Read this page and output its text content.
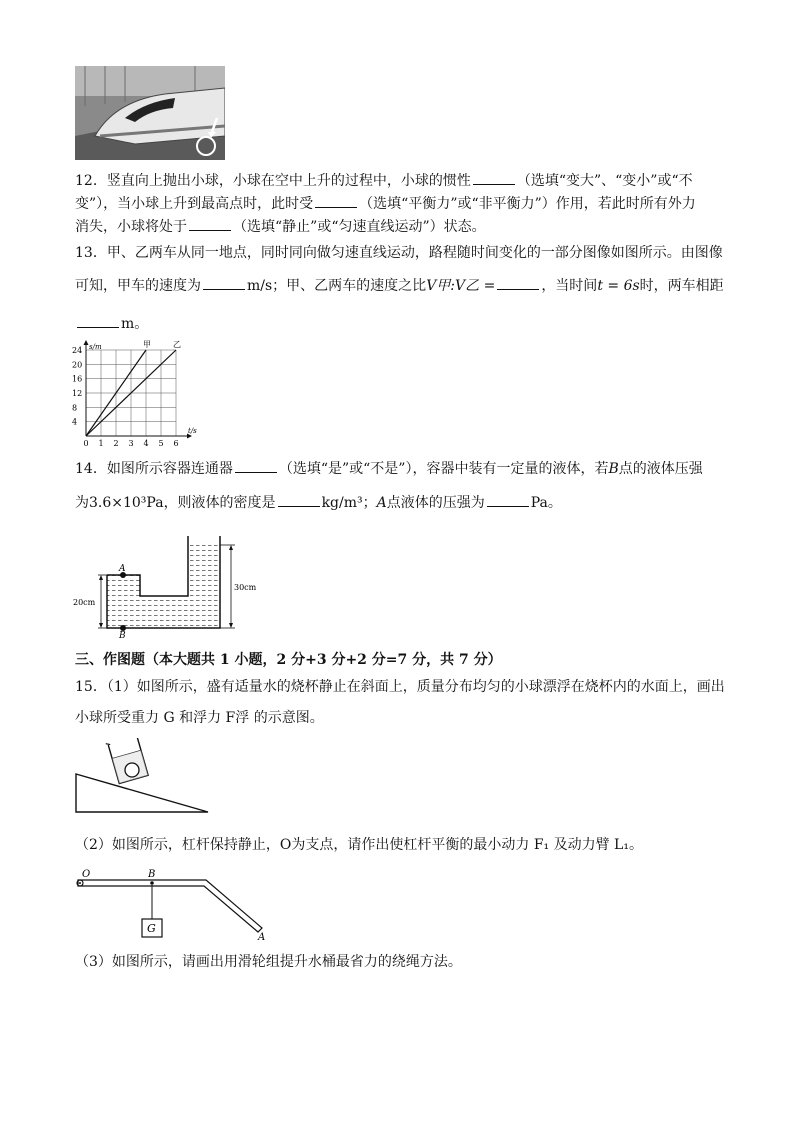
12．竖直向上抛出小球，小球在空中上升的过程中，小球的惯性	（选填“变大”、“变小”或“不
变”），当小球上升到最高点时，此时受	（选填“平衡力”或“非平衡力”）作用，若此时所有外力
消失，小球将处于	（选填“静止”或“匀速直线运动”）状态。
13．甲、乙两车从同一地点，同时同向做匀速直线运动，路程随时间变化的一部分图像如图所示。由图像
可知，甲车的速度为	m/s；甲、乙两车的速度之比V甲:V乙 =	，当时间t = 6s时，两车相距
m。
0 1 2 3 4 5 6
4
8
12
16
20
24 s/m
t/s
甲	乙
14．如图所示容器连通器	（选填“是”或“不是”），容器中装有一定量的液体，若B点的液体压强
为3.6×10³Pa，则液体的密度是	kg/m³；A点液体的压强为	Pa。
A
B
20cm
30cm
三、作图题（本大题共 1 小题，2 分+3 分+2 分=7 分，共 7 分）
15．（1）如图所示，盛有适量水的烧杯静止在斜面上，质量分布均匀的小球漂浮在烧杯内的水面上，画出
小球所受重力 G 和浮力 F浮 的示意图。
（2）如图所示，杠杆保持静止，O为支点，请作出使杠杆平衡的最小动力 F₁ 及动力臂 L₁。
O	B
A
G
（3）如图所示，请画出用滑轮组提升水桶最省力的绕绳方法。
